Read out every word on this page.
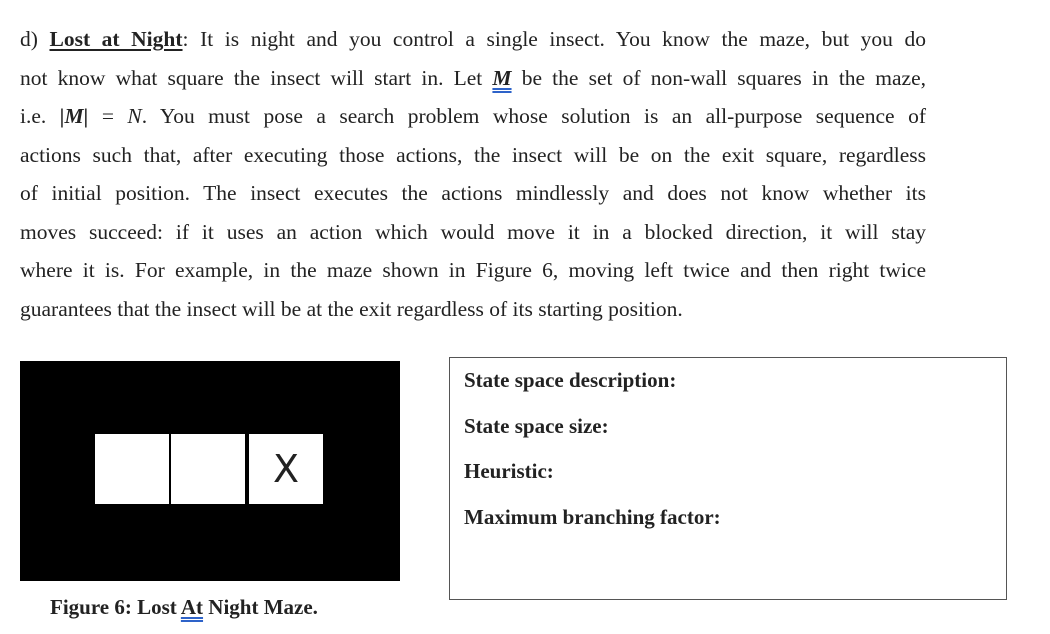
d) Lost at Night: It is night and you control a single insect. You know the maze, but you do
not know what square the insect will start in. Let M be the set of non-wall squares in the maze,
i.e. |M| = N. You must pose a search problem whose solution is an all-purpose sequence of
actions such that, after executing those actions, the insect will be on the exit square, regardless
of initial position. The insect executes the actions mindlessly and does not know whether its
moves succeed: if it uses an action which would move it in a blocked direction, it will stay
where it is. For example, in the maze shown in Figure 6, moving left twice and then right twice
guarantees that the insect will be at the exit regardless of its starting position.
X
Figure 6: Lost At Night Maze.
State space description:
State space size:
Heuristic:
Maximum branching factor:
